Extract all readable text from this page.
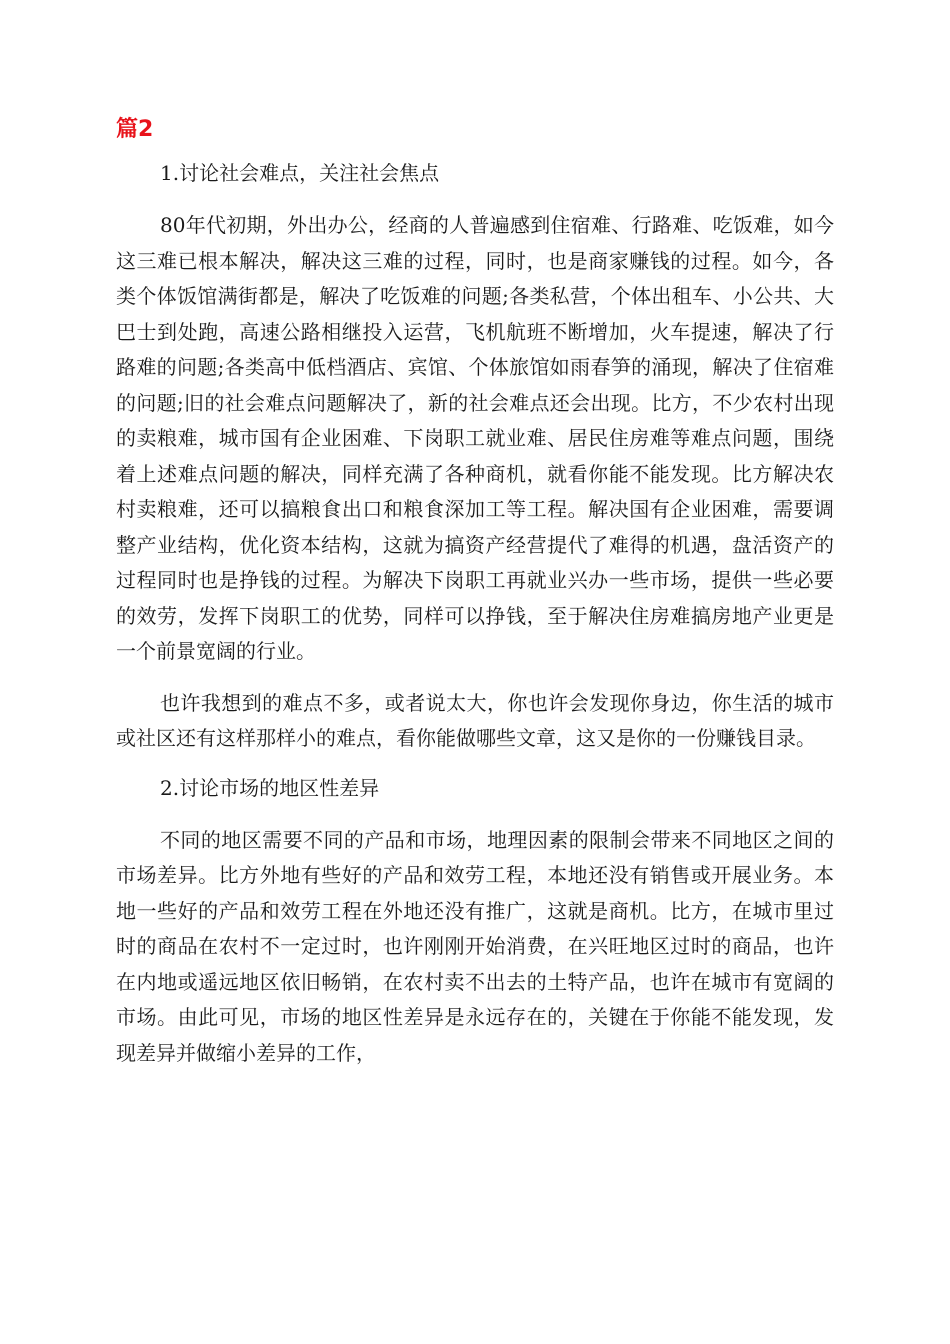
篇2

1.讨论社会难点，关注社会焦点

80年代初期，外出办公，经商的人普遍感到住宿难、行路难、吃饭难，如今这三难已根本解决，解决这三难的过程，同时，也是商家赚钱的过程。如今，各类个体饭馆满街都是，解决了吃饭难的问题;各类私营，个体出租车、小公共、大巴士到处跑，高速公路相继投入运营，飞机航班不断增加，火车提速，解决了行路难的问题;各类高中低档酒店、宾馆、个体旅馆如雨春笋的涌现，解决了住宿难的问题;旧的社会难点问题解决了，新的社会难点还会出现。比方，不少农村出现的卖粮难，城市国有企业困难、下岗职工就业难、居民住房难等难点问题，围绕着上述难点问题的解决，同样充满了各种商机，就看你能不能发现。比方解决农村卖粮难，还可以搞粮食出口和粮食深加工等工程。解决国有企业困难，需要调整产业结构，优化资本结构，这就为搞资产经营提代了难得的机遇，盘活资产的过程同时也是挣钱的过程。为解决下岗职工再就业兴办一些市场，提供一些必要的效劳，发挥下岗职工的优势，同样可以挣钱，至于解决住房难搞房地产业更是一个前景宽阔的行业。

也许我想到的难点不多，或者说太大，你也许会发现你身边，你生活的城市或社区还有这样那样小的难点，看你能做哪些文章，这又是你的一份赚钱目录。

2.讨论市场的地区性差异

不同的地区需要不同的产品和市场，地理因素的限制会带来不同地区之间的市场差异。比方外地有些好的产品和效劳工程，本地还没有销售或开展业务。本地一些好的产品和效劳工程在外地还没有推广，这就是商机。比方，在城市里过时的商品在农村不一定过时，也许刚刚开始消费，在兴旺地区过时的商品，也许在内地或遥远地区依旧畅销，在农村卖不出去的土特产品，也许在城市有宽阔的市场。由此可见，市场的地区性差异是永远存在的，关键在于你能不能发现，发现差异并做缩小差异的工作，
